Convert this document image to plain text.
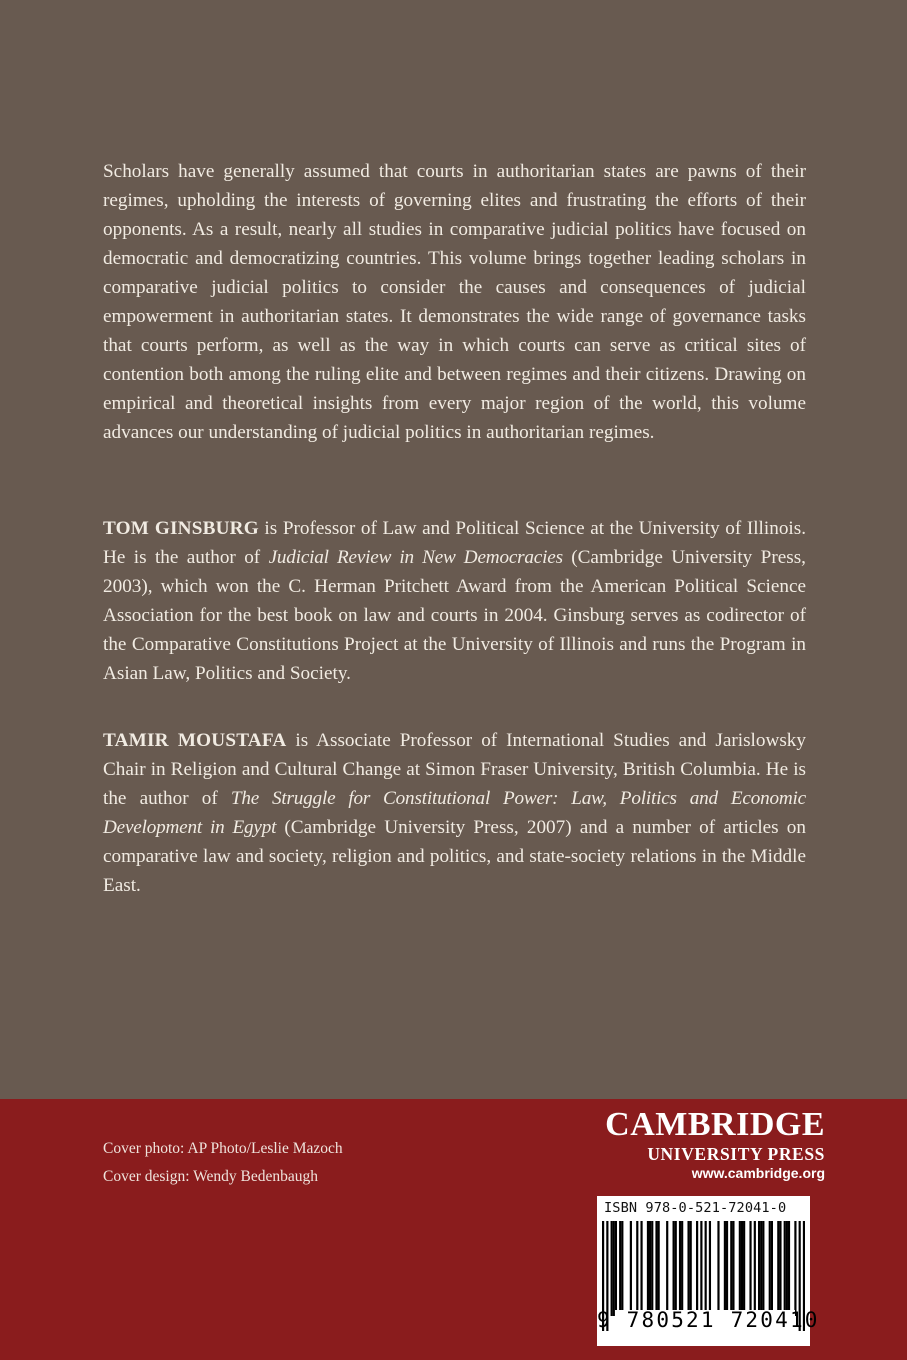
Scholars have generally assumed that courts in authoritarian states are pawns of their regimes, upholding the interests of governing elites and frustrating the efforts of their opponents. As a result, nearly all studies in comparative judicial politics have focused on democratic and democratizing countries. This volume brings together leading scholars in comparative judicial politics to consider the causes and consequences of judicial empowerment in authoritarian states. It demonstrates the wide range of governance tasks that courts perform, as well as the way in which courts can serve as critical sites of contention both among the ruling elite and between regimes and their citizens. Drawing on empirical and theoretical insights from every major region of the world, this volume advances our understanding of judicial politics in authoritarian regimes.

TOM GINSBURG is Professor of Law and Political Science at the University of Illinois. He is the author of Judicial Review in New Democracies (Cambridge University Press, 2003), which won the C. Herman Pritchett Award from the American Political Science Association for the best book on law and courts in 2004. Ginsburg serves as codirector of the Comparative Constitutions Project at the University of Illinois and runs the Program in Asian Law, Politics and Society.

TAMIR MOUSTAFA is Associate Professor of International Studies and Jarislowsky Chair in Religion and Cultural Change at Simon Fraser University, British Columbia. He is the author of The Struggle for Constitutional Power: Law, Politics and Economic Development in Egypt (Cambridge University Press, 2007) and a number of articles on comparative law and society, religion and politics, and state-society relations in the Middle East.

Cover photo: AP Photo/Leslie Mazoch
Cover design: Wendy Bedenbaugh
CAMBRIDGE
UNIVERSITY PRESS
www.cambridge.org
ISBN 978-0-521-72041-0
9 780521 720410
